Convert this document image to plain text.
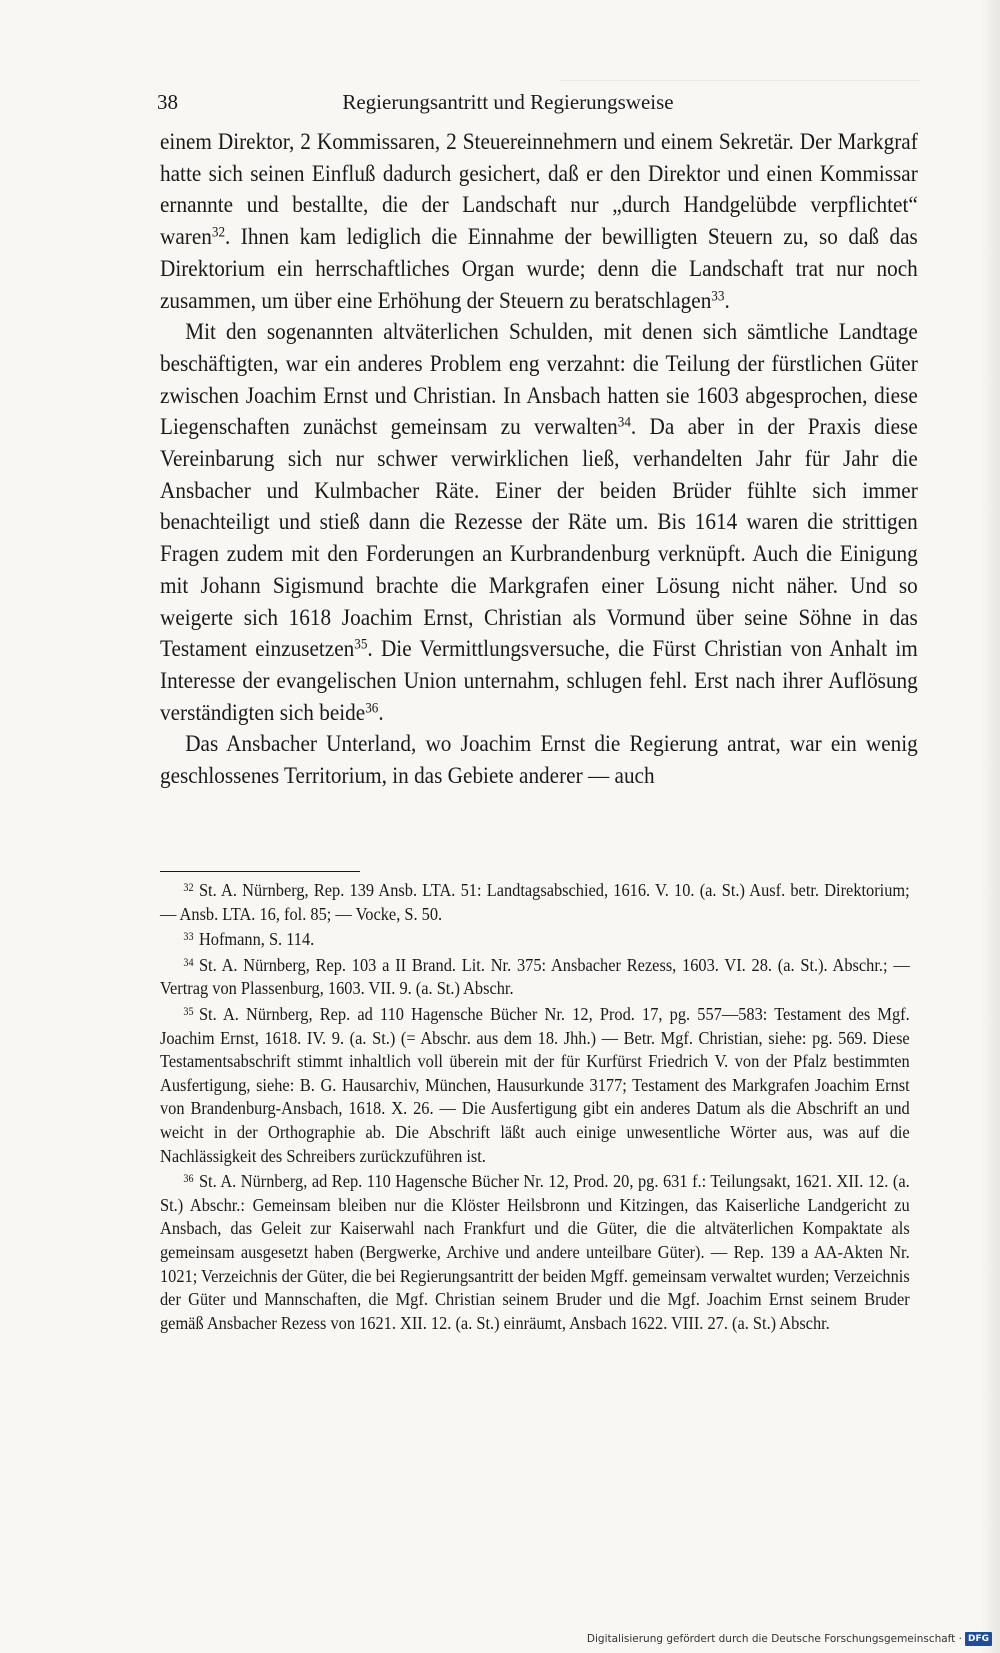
38	Regierungsantritt und Regierungsweise

einem Direktor, 2 Kommissaren, 2 Steuereinnehmern und einem Sekretär. Der Markgraf hatte sich seinen Einfluß dadurch gesichert, daß er den Direktor und einen Kommissar ernannte und bestallte, die der Landschaft nur „durch Handgelübde verpflichtet“ waren$^{32}$. Ihnen kam lediglich die Einnahme der bewilligten Steuern zu, so daß das Direktorium ein herrschaftliches Organ wurde; denn die Landschaft trat nur noch zusammen, um über eine Erhöhung der Steuern zu beratschlagen$^{33}$.

Mit den sogenannten altväterlichen Schulden, mit denen sich sämtliche Landtage beschäftigten, war ein anderes Problem eng verzahnt: die Teilung der fürstlichen Güter zwischen Joachim Ernst und Christian. In Ansbach hatten sie 1603 abgesprochen, diese Liegenschaften zunächst gemeinsam zu verwalten$^{34}$. Da aber in der Praxis diese Vereinbarung sich nur schwer verwirklichen ließ, verhandelten Jahr für Jahr die Ansbacher und Kulmbacher Räte. Einer der beiden Brüder fühlte sich immer benachteiligt und stieß dann die Rezesse der Räte um. Bis 1614 waren die strittigen Fragen zudem mit den Forderungen an Kurbrandenburg verknüpft. Auch die Einigung mit Johann Sigismund brachte die Markgrafen einer Lösung nicht näher. Und so weigerte sich 1618 Joachim Ernst, Christian als Vormund über seine Söhne in das Testament einzusetzen$^{35}$. Die Vermittlungsversuche, die Fürst Christian von Anhalt im Interesse der evangelischen Union unternahm, schlugen fehl. Erst nach ihrer Auflösung verständigten sich beide$^{36}$.

Das Ansbacher Unterland, wo Joachim Ernst die Regierung antrat, war ein wenig geschlossenes Territorium, in das Gebiete anderer — auch

$^{32}$ St. A. Nürnberg, Rep. 139 Ansb. LTA. 51: Landtagsabschied, 1616. V. 10. (a. St.) Ausf. betr. Direktorium; — Ansb. LTA. 16, fol. 85; — Vocke, S. 50.

$^{33}$ Hofmann, S. 114.

$^{34}$ St. A. Nürnberg, Rep. 103 a II Brand. Lit. Nr. 375: Ansbacher Rezess, 1603. VI. 28. (a. St.). Abschr.; — Vertrag von Plassenburg, 1603. VII. 9. (a. St.) Abschr.

$^{35}$ St. A. Nürnberg, Rep. ad 110 Hagensche Bücher Nr. 12, Prod. 17, pg. 557—583: Testament des Mgf. Joachim Ernst, 1618. IV. 9. (a. St.) (= Abschr. aus dem 18. Jhh.) — Betr. Mgf. Christian, siehe: pg. 569. Diese Testamentsabschrift stimmt inhaltlich voll überein mit der für Kurfürst Friedrich V. von der Pfalz bestimmten Ausfertigung, siehe: B. G. Hausarchiv, München, Hausurkunde 3177; Testament des Markgrafen Joachim Ernst von Brandenburg-Ansbach, 1618. X. 26. — Die Ausfertigung gibt ein anderes Datum als die Abschrift an und weicht in der Orthographie ab. Die Abschrift läßt auch einige unwesentliche Wörter aus, was auf die Nachlässigkeit des Schreibers zurückzuführen ist.

$^{36}$ St. A. Nürnberg, ad Rep. 110 Hagensche Bücher Nr. 12, Prod. 20, pg. 631 f.: Teilungsakt, 1621. XII. 12. (a. St.) Abschr.: Gemeinsam bleiben nur die Klöster Heilsbronn und Kitzingen, das Kaiserliche Landgericht zu Ansbach, das Geleit zur Kaiserwahl nach Frankfurt und die Güter, die die altväterlichen Kompaktate als gemeinsam ausgesetzt haben (Bergwerke, Archive und andere unteilbare Güter). — Rep. 139 a AA-Akten Nr. 1021; Verzeichnis der Güter, die bei Regierungsantritt der beiden Mgff. gemeinsam verwaltet wurden; Verzeichnis der Güter und Mannschaften, die Mgf. Christian seinem Bruder und die Mgf. Joachim Ernst seinem Bruder gemäß Ansbacher Rezess von 1621. XII. 12. (a. St.) einräumt, Ansbach 1622. VIII. 27. (a. St.) Abschr.

Digitalisierung gefördert durch die Deutsche Forschungsgemeinschaft · DFG
